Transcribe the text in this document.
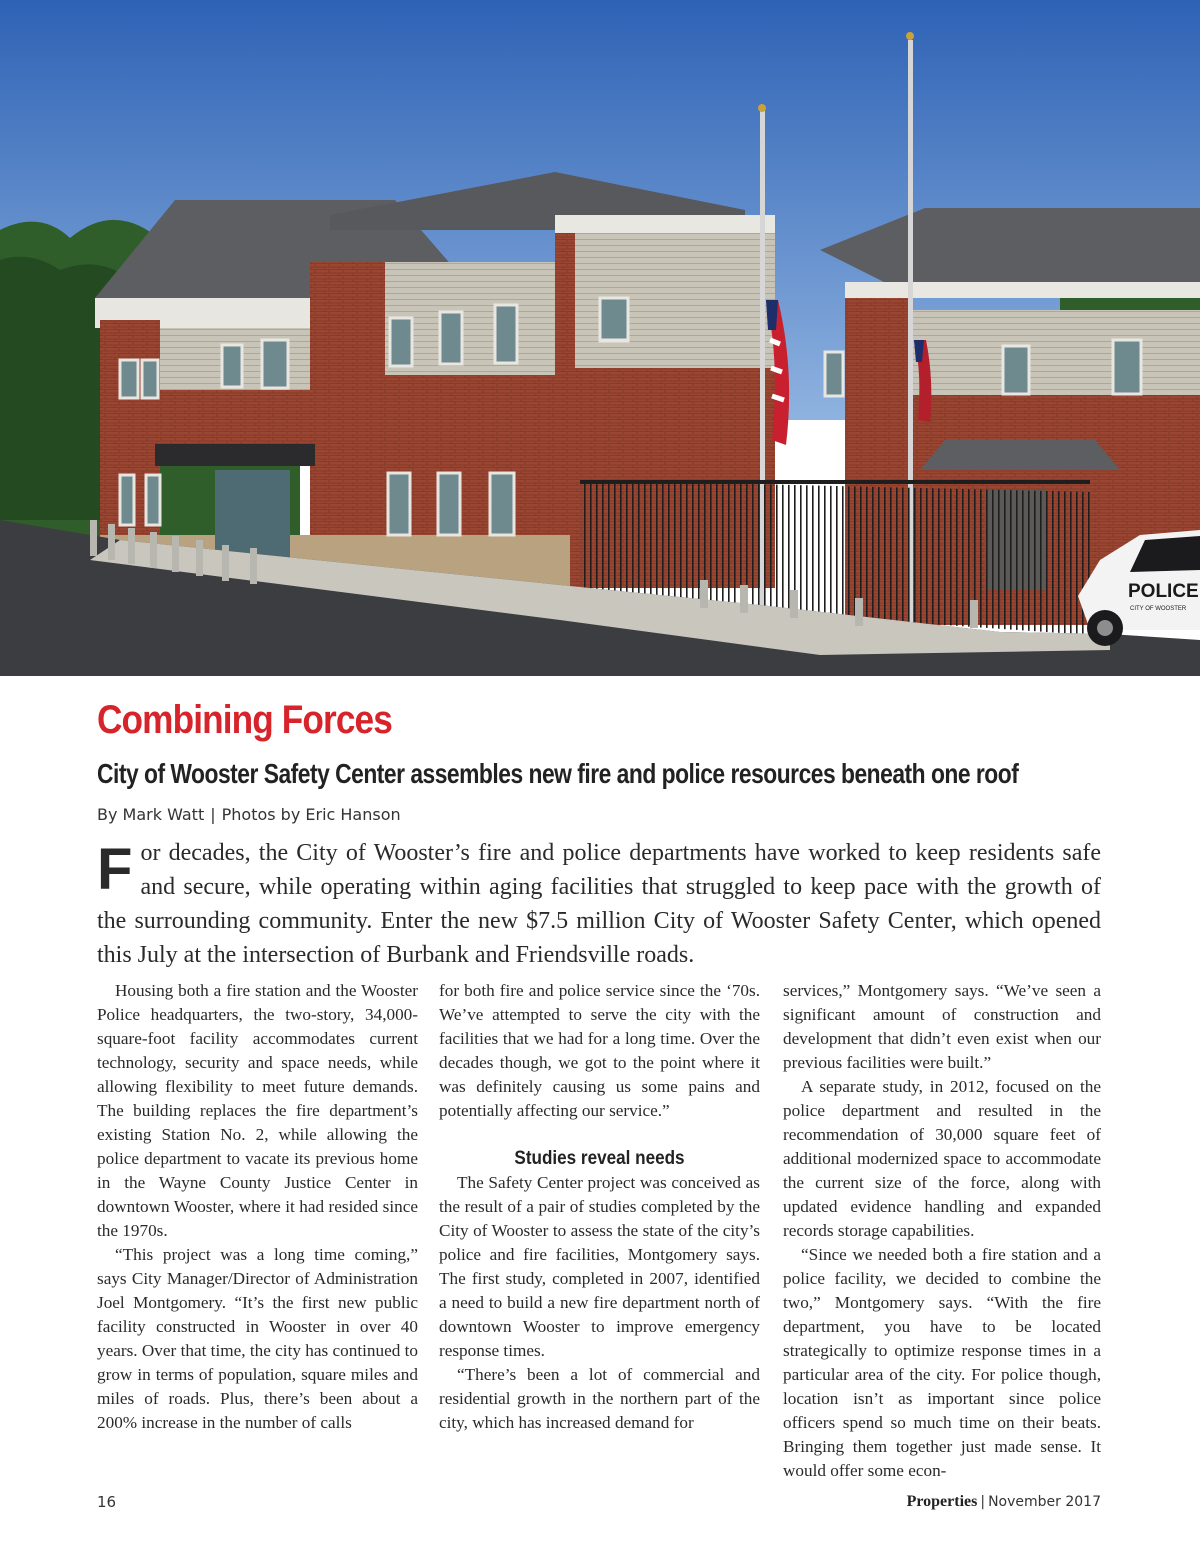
POLICE
CITY OF WOOSTER
Combining Forces
City of Wooster Safety Center assembles new fire and police resources beneath one roof
By Mark Watt | Photos by Eric Hanson

For decades, the City of Wooster’s fire and police departments have worked to keep residents safe and secure, while operating within aging facilities that struggled to keep pace with the growth of the surrounding community. Enter the new $7.5 million City of Wooster Safety Center, which opened this July at the intersection of Burbank and Friendsville roads.

Housing both a fire station and the Wooster Police headquarters, the two-story, 34,000-square-foot facility accommodates current technology, security and space needs, while allowing flexibility to meet future demands. The building replaces the fire department’s existing Station No. 2, while allowing the police department to vacate its previous home in the Wayne County Justice Center in downtown Wooster, where it had resided since the 1970s.

“This project was a long time coming,” says City Manager/Director of Administration Joel Montgomery. “It’s the first new public facility constructed in Wooster in over 40 years. Over that time, the city has continued to grow in terms of population, square miles and miles of roads. Plus, there’s been about a 200% increase in the number of calls

for both fire and police service since the ‘70s. We’ve attempted to serve the city with the facilities that we had for a long time. Over the decades though, we got to the point where it was definitely causing us some pains and potentially affecting our service.”

Studies reveal needs

The Safety Center project was conceived as the result of a pair of studies completed by the City of Wooster to assess the state of the city’s police and fire facilities, Montgomery says. The first study, completed in 2007, identified a need to build a new fire department north of downtown Wooster to improve emergency response times.

“There’s been a lot of commercial and residential growth in the northern part of the city, which has increased demand for

services,” Montgomery says. “We’ve seen a significant amount of construction and development that didn’t even exist when our previous facilities were built.”

A separate study, in 2012, focused on the police department and resulted in the recommendation of 30,000 square feet of additional modernized space to accommodate the current size of the force, along with updated evidence handling and expanded records storage capabilities.

“Since we needed both a fire station and a police facility, we decided to combine the two,” Montgomery says. “With the fire department, you have to be located strategically to optimize response times in a particular area of the city. For police though, location isn’t as important since police officers spend so much time on their beats. Bringing them together just made sense. It would offer some econ-

16	Properties | November 2017
